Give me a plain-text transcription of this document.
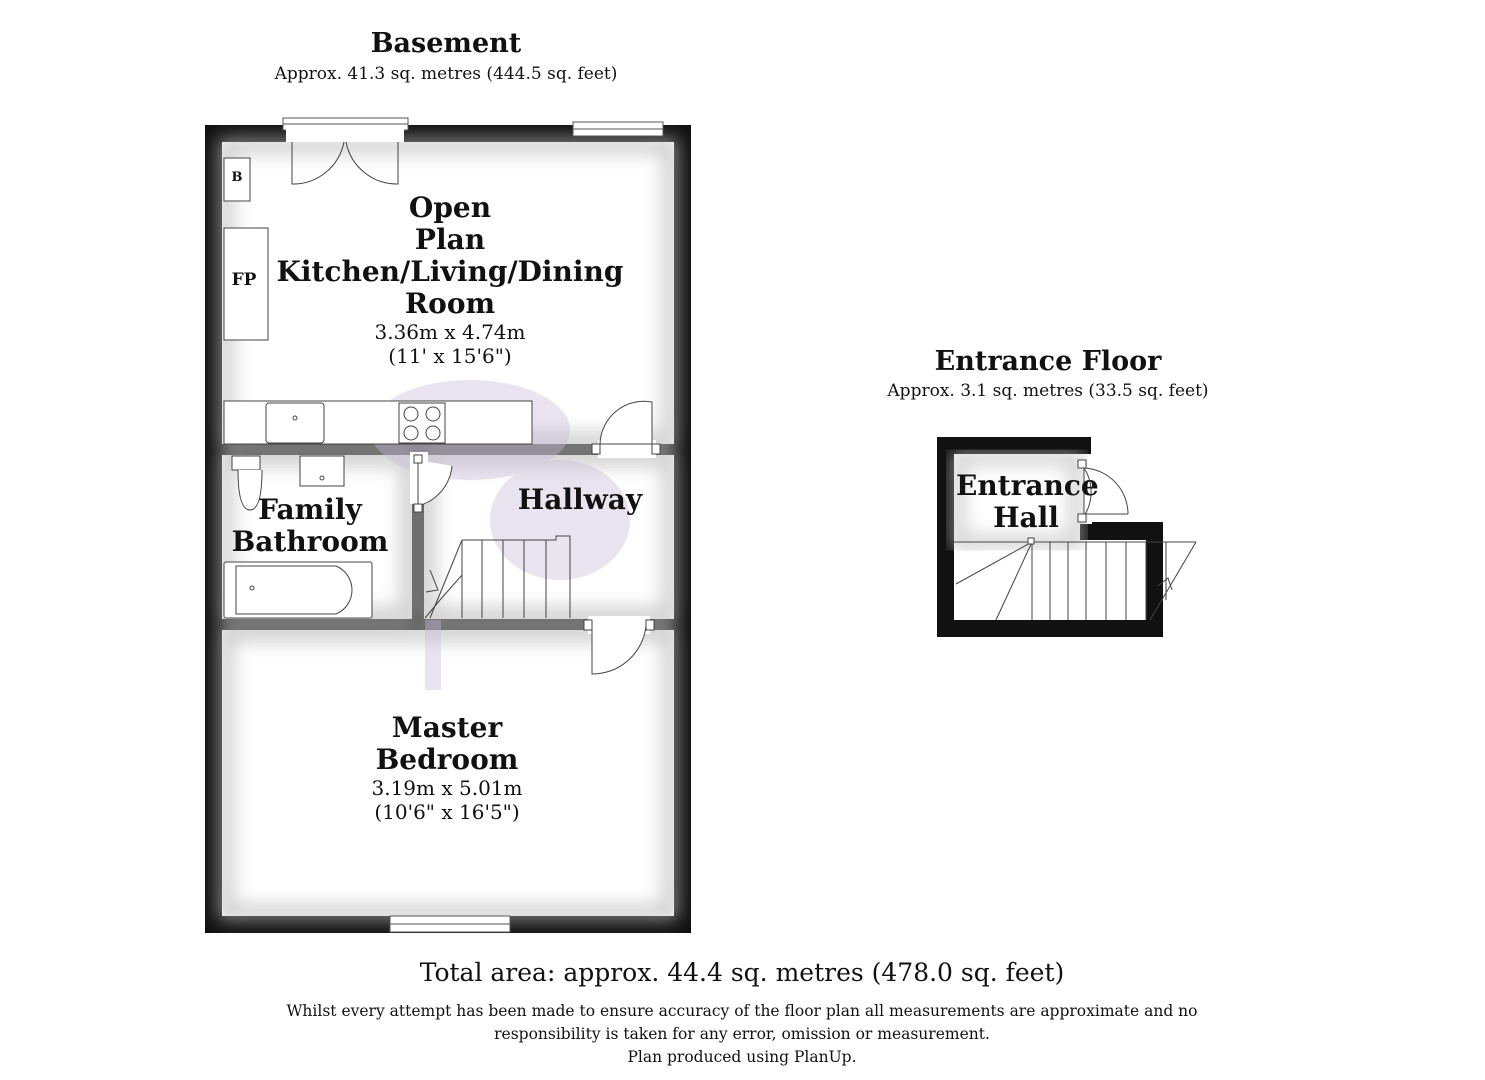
Basement
Approx. 41.3 sq. metres (444.5 sq. feet)
B
FP
Open
Plan
Kitchen/Living/Dining
Room
3.36m x 4.74m
(11' x 15'6")
Family
Bathroom
Hallway
Master
Bedroom
3.19m x 5.01m
(10'6" x 16'5")
Entrance Floor
Approx. 3.1 sq. metres (33.5 sq. feet)
Entrance
Hall
Total area: approx. 44.4 sq. metres (478.0 sq. feet)
Whilst every attempt has been made to ensure accuracy of the floor plan all measurements are approximate and no
responsibility is taken for any error, omission or measurement.
Plan produced using PlanUp.
